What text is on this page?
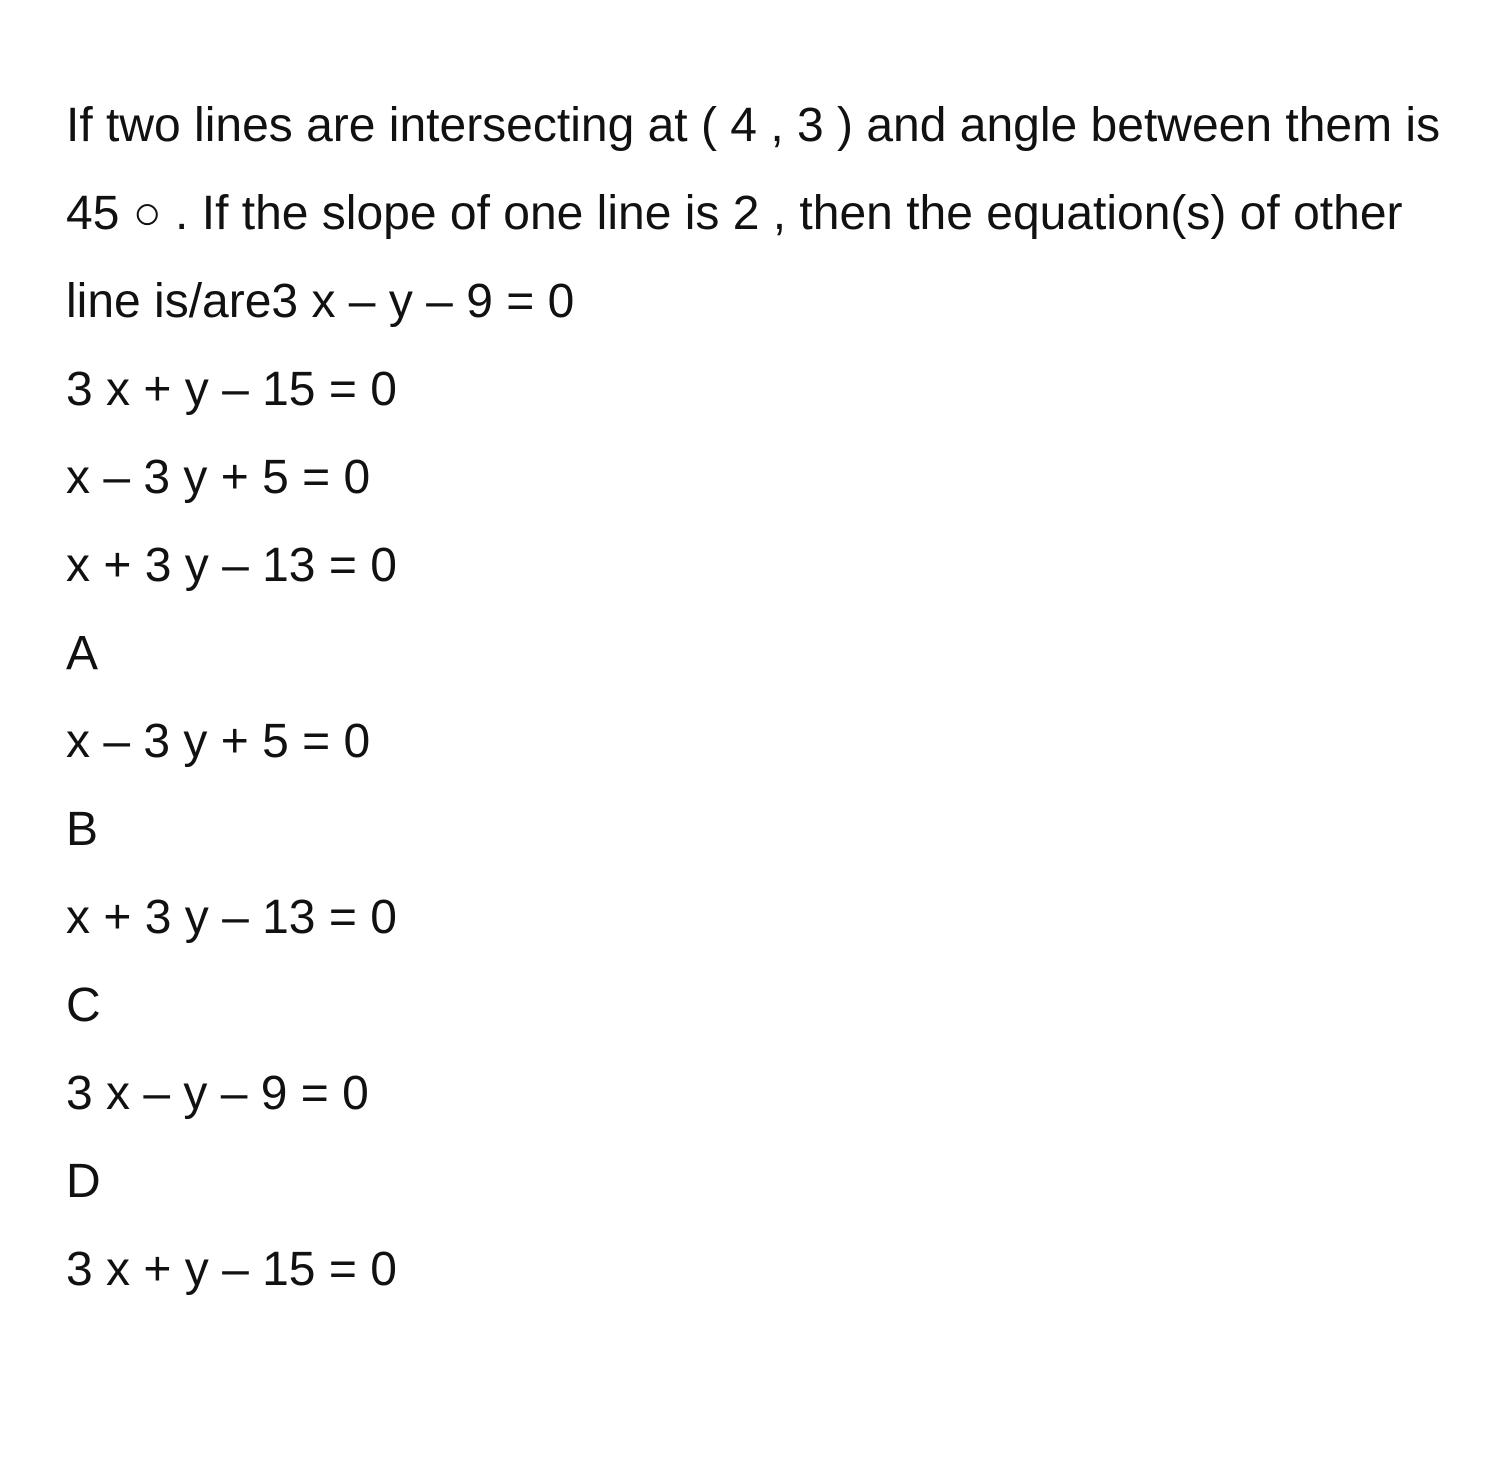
If two lines are intersecting at ( 4 , 3 ) and angle between them is 45 ○ . If the slope of one line is 2 , then the equation(s) of other line is/are3 x – y – 9 = 0

3 x + y – 15 = 0
x – 3 y + 5 = 0
x + 3 y – 13 = 0
A
x – 3 y + 5 = 0
B
x + 3 y – 13 = 0
C
3 x – y – 9 = 0
D
3 x + y – 15 = 0
